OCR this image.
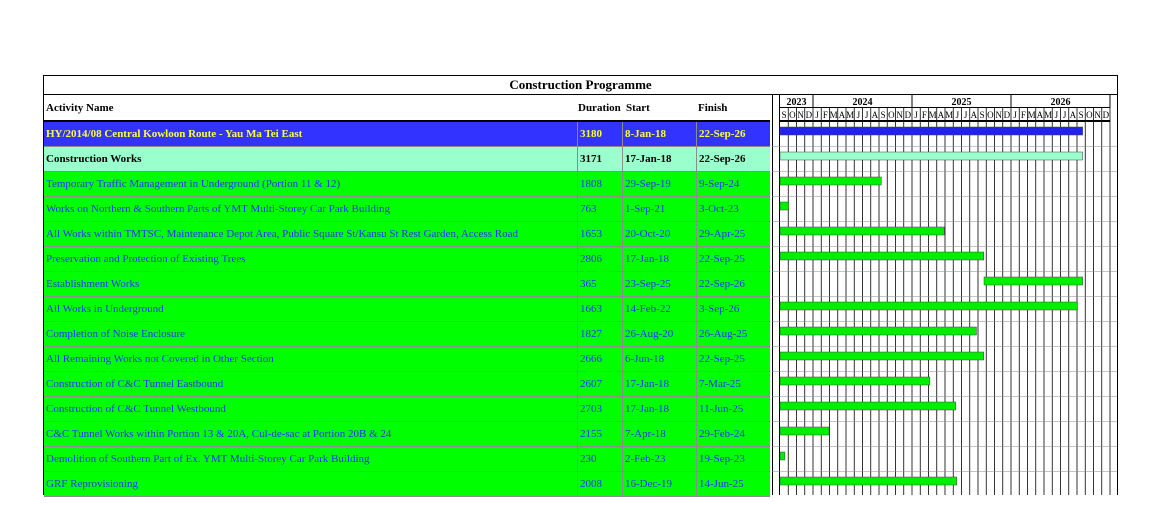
Construction Programme
Activity Name	Duration Start	Finish
HY/2014/08 Central Kowloon Route - Yau Ma Tei East	3180	8-Jan-18	22-Sep-26
Construction Works	3171	17-Jan-18	22-Sep-26
Temporary Traffic Management in Underground (Portion 11 & 12)	1808	29-Sep-19	9-Sep-24
Works on Northern & Southern Parts of YMT Multi-Storey Car Park Building	763	1-Sep-21	3-Oct-23
All Works within TMTSC, Maintenance Depot Area, Public Square St/Kansu St Rest Garden, Access Road	1653	20-Oct-20	29-Apr-25
Preservation and Protection of Existing Trees	2806	17-Jan-18	22-Sep-25
Establishment Works	365	23-Sep-25	22-Sep-26
All Works in Underground	1663	14-Feb-22	3-Sep-26
Completion of Noise Enclosure	1827	26-Aug-20	26-Aug-25
All Remaining Works not Covered in Other Section	2666	6-Jun-18	22-Sep-25
Construction of C&C Tunnel Eastbound	2607	17-Jan-18	7-Mar-25
Construction of C&C Tunnel Westbound	2703	17-Jan-18	11-Jun-25
C&C Tunnel Works within Portion 13 & 20A, Cul-de-sac at Portion 20B & 24	2155	7-Apr-18	29-Feb-24
Demolition of Southern Part of Ex. YMT Multi-Storey Car Park Building	230	2-Feb-23	19-Sep-23
GRF Reprovisioning	2008	16-Dec-19	14-Jun-25
2023	2024	2025	2026
S O N D J F M A M J J A S O N D J F M A M J J A S O N D J F M A M J J A S O N D
